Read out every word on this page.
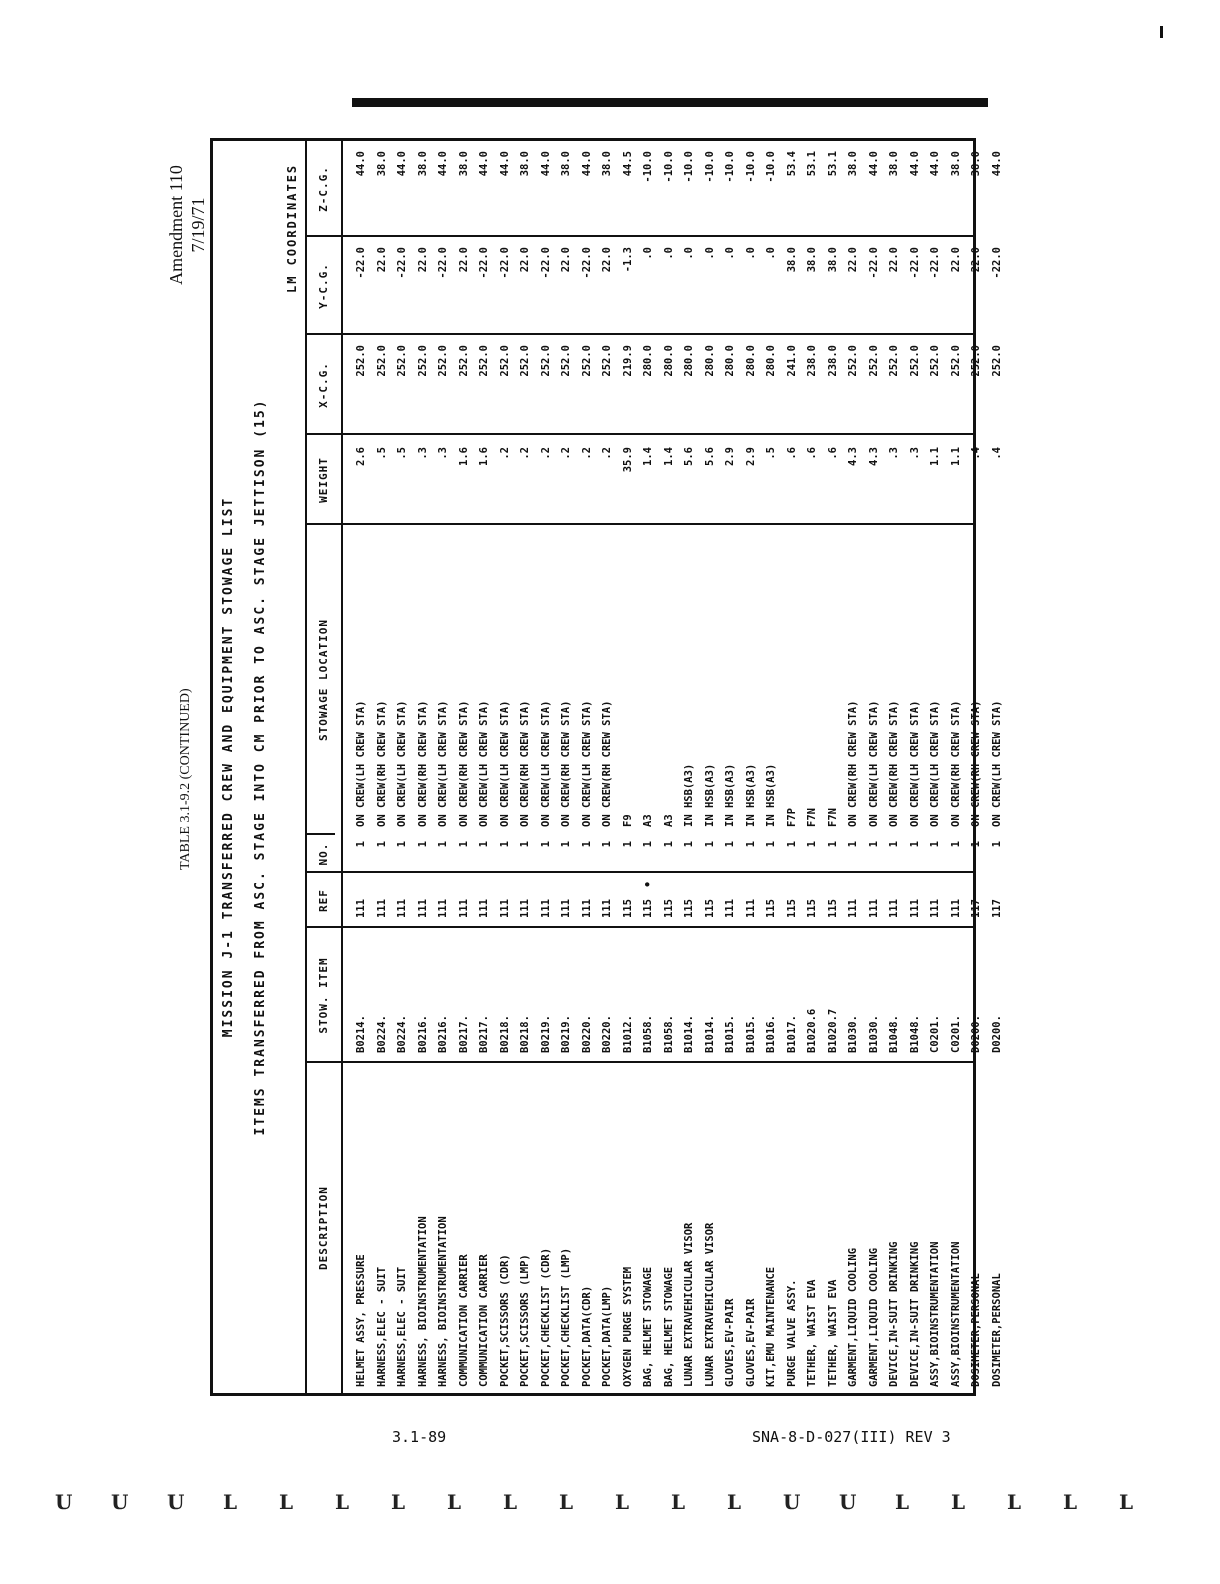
Amendment 110 7/19/71
TABLE 3.1-9.2 (CONTINUED) MISSION J-1 TRANSFERRED CREW AND EQUIPMENT STOWAGE LIST ITEMS TRANSFERRED FROM ASC. STAGE INTO CM PRIOR TO ASC. STAGE JETTISON (15)
LM COORDINATES
DESCRIPTION
STOW. ITEM
REF
NO.
STOWAGE LOCATION
WEIGHT
X-C.G.
Y-C.G.
Z-C.G.
HELMET ASSY, PRESSURE
B0214.
111
1
ON CREW(LH CREW STA)
2.6
252.0
-22.0
44.0
HARNESS,ELEC - SUIT
B0224.
111
1
ON CREW(RH CREW STA)
.5
252.0
22.0
38.0
HARNESS,ELEC - SUIT
B0224.
111
1
ON CREW(LH CREW STA)
.5
252.0
-22.0
44.0
HARNESS, BIOINSTRUMENTATION
B0216.
111
1
ON CREW(RH CREW STA)
.3
252.0
22.0
38.0
HARNESS, BIOINSTRUMENTATION
B0216.
111
1
ON CREW(LH CREW STA)
.3
252.0
-22.0
44.0
COMMUNICATION CARRIER
B0217.
111
1
ON CREW(RH CREW STA)
1.6
252.0
22.0
38.0
COMMUNICATION CARRIER
B0217.
111
1
ON CREW(LH CREW STA)
1.6
252.0
-22.0
44.0
POCKET,SCISSORS (CDR)
B0218.
111
1
ON CREW(LH CREW STA)
.2
252.0
-22.0
44.0
POCKET,SCISSORS (LMP)
B0218.
111
1
ON CREW(RH CREW STA)
.2
252.0
22.0
38.0
POCKET,CHECKLIST (CDR)
B0219.
111
1
ON CREW(LH CREW STA)
.2
252.0
-22.0
44.0
POCKET,CHECKLIST (LMP)
B0219.
111
1
ON CREW(RH CREW STA)
.2
252.0
22.0
38.0
POCKET,DATA(CDR)
B0220.
111
1
ON CREW(LH CREW STA)
.2
252.0
-22.0
44.0
POCKET,DATA(LMP)
B0220.
111
1
ON CREW(RH CREW STA)
.2
252.0
22.0
38.0
OXYGEN PURGE SYSTEM
B1012.
115
1
F9
35.9
219.9
-1.3
44.5
BAG, HELMET STOWAGE
B1058.
115
1
A3
1.4
280.0
.0
-10.0
•
BAG, HELMET STOWAGE
B1058.
115
1
A3
1.4
280.0
.0
-10.0
LUNAR EXTRAVEHICULAR VISOR
B1014.
115
1
IN HSB(A3)
5.6
280.0
.0
-10.0
LUNAR EXTRAVEHICULAR VISOR
B1014.
115
1
IN HSB(A3)
5.6
280.0
.0
-10.0
GLOVES,EV-PAIR
B1015.
111
1
IN HSB(A3)
2.9
280.0
.0
-10.0
GLOVES,EV-PAIR
B1015.
111
1
IN HSB(A3)
2.9
280.0
.0
-10.0
KIT,EMU MAINTENANCE
B1016.
115
1
IN HSB(A3)
.5
280.0
.0
-10.0
PURGE VALVE ASSY.
B1017.
115
1
F7P
.6
241.0
38.0
53.4
TETHER, WAIST EVA
B1020.6
115
1
F7N
.6
238.0
38.0
53.1
TETHER, WAIST EVA
B1020.7
115
1
F7N
.6
238.0
38.0
53.1
GARMENT,LIQUID COOLING
B1030.
111
1
ON CREW(RH CREW STA)
4.3
252.0
22.0
38.0
GARMENT,LIQUID COOLING
B1030.
111
1
ON CREW(LH CREW STA)
4.3
252.0
-22.0
44.0
DEVICE,IN-SUIT DRINKING
B1048.
111
1
ON CREW(RH CREW STA)
.3
252.0
22.0
38.0
DEVICE,IN-SUIT DRINKING
B1048.
111
1
ON CREW(LH CREW STA)
.3
252.0
-22.0
44.0
ASSY,BIOINSTRUMENTATION
C0201.
111
1
ON CREW(LH CREW STA)
1.1
252.0
-22.0
44.0
ASSY,BIOINSTRUMENTATION
C0201.
111
1
ON CREW(RH CREW STA)
1.1
252.0
22.0
38.0
DOSIMETER,PERSONAL
D0200.
117
1
ON CREW(RH CREW STA)
.4
252.0
22.0
38.0
DOSIMETER,PERSONAL
D0200.
117
1
ON CREW(LH CREW STA)
.4
252.0
-22.0
44.0
3.1-89	SNA-8-D-027(III) REV 3
U U U L L L L L L L L L L U U L L L L L
